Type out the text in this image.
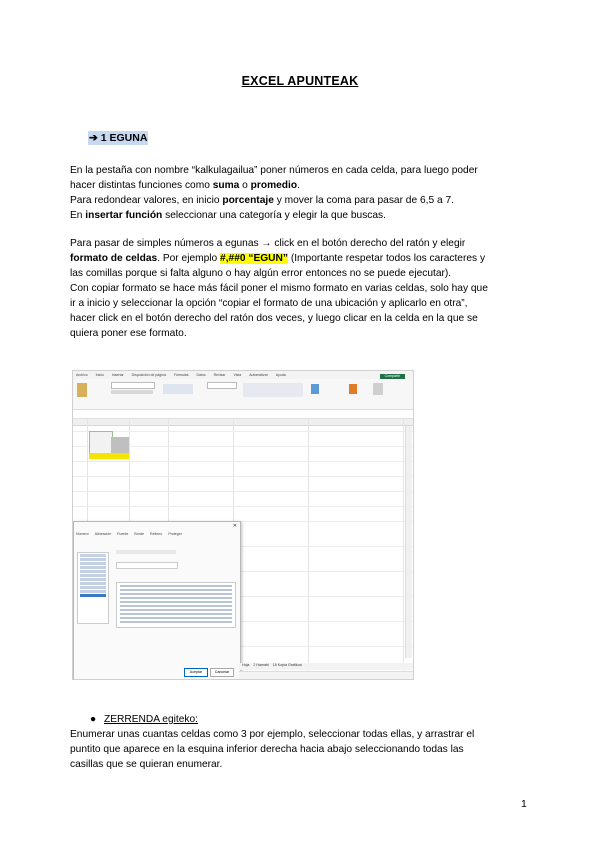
EXCEL APUNTEAK
➔ 1 EGUNA

En la pestaña con nombre “kalkulagailua” poner números en cada celda, para luego poder
hacer distintas funciones como suma o promedio.
Para redondear valores, en inicio porcentaje y mover la coma para pasar de 6,5 a 7.
En insertar función seleccionar una categoría y elegir la que buscas.

Para pasar de simples números a egunas → click en el botón derecho del ratón y elegir
formato de celdas. Por ejemplo #,##0 “EGUN” (Importante respetar todos los caracteres y
las comillas porque si falta alguno o hay algún error entonces no se puede ejecutar).
Con copiar formato se hace más fácil poner el mismo formato en varias celdas, solo hay que
ir a inicio y seleccionar la opción “copiar el formato de una ubicación y aplicarlo en otra”,
hacer click en el botón derecho del ratón dos veces, y luego clicar en la celda en la que se
quiera poner ese formato.

Archivo Inicio Insertar Disposición de página Fórmulas Datos Revisar Vista Automatizar Ayuda	Compartir
✕
Número Alineación Fuente Borde Relleno Proteger
Aceptar	Cancelar
Hoja 2 Hamabi 16 Kopia Grafikoa
● ZERRENDA egiteko:

Enumerar unas cuantas celdas como 3 por ejemplo, seleccionar todas ellas, y arrastrar el
puntito que aparece en la esquina inferior derecha hacia abajo seleccionando todas las
casillas que se quieran enumerar.

1
